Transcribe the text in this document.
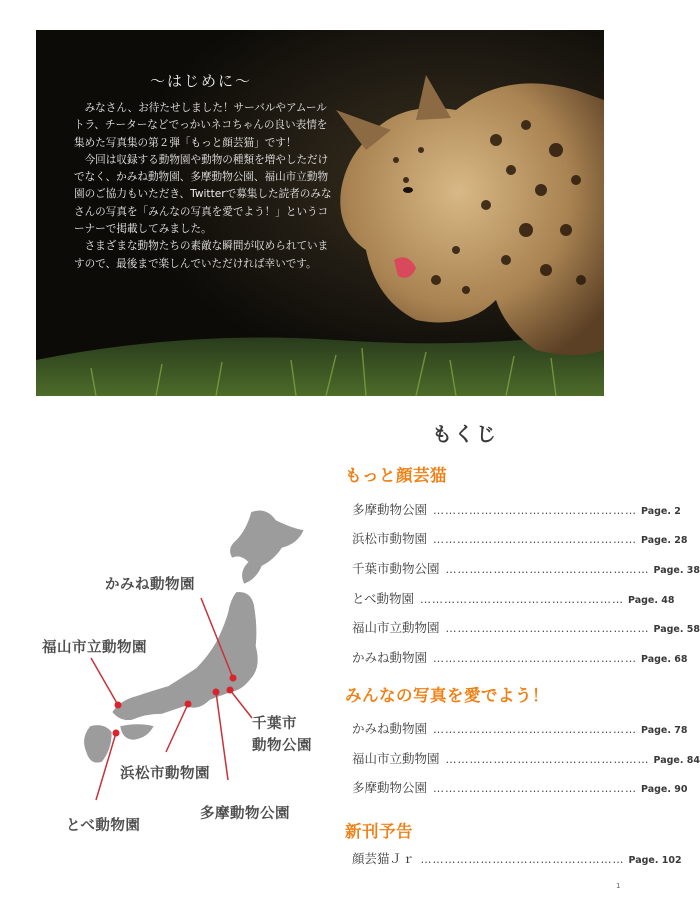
～はじめに～

みなさん、お待たせしました！サーバルやアムールトラ、チーターなどでっかいネコちゃんの良い表情を集めた写真集の第２弾「もっと顔芸猫」です！

今回は収録する動物園や動物の種類を増やしただけでなく、かみね動物園、多摩動物公園、福山市立動物園のご協力もいただき、Twitterで募集した読者のみなさんの写真を「みんなの写真を愛でよう！」というコーナーで掲載してみました。

さまざまな動物たちの素敵な瞬間が収められていますので、最後まで楽しんでいただければ幸いです。

かみね動物園
福山市立動物園
千葉市
動物公園
浜松市動物園
多摩動物公園
とべ動物園
もくじ
もっと顔芸猫
多摩動物公園 …………………………………………… Page. 2
浜松市動物園 …………………………………………… Page. 28
千葉市動物公園 …………………………………………… Page. 38
とべ動物園 …………………………………………… Page. 48
福山市立動物園 …………………………………………… Page. 58
かみね動物園 …………………………………………… Page. 68
みんなの写真を愛でよう！
かみね動物園 …………………………………………… Page. 78
福山市立動物園 …………………………………………… Page. 84
多摩動物公園 …………………………………………… Page. 90
新刊予告
顔芸猫Ｊｒ …………………………………………… Page. 102
1
